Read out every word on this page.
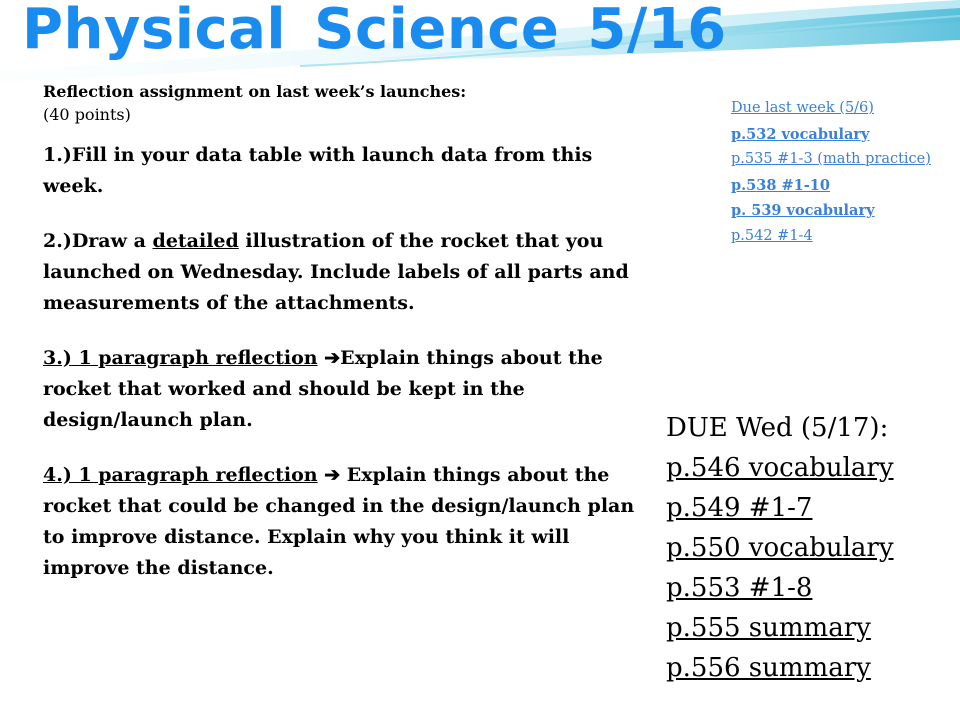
Physical Science 5/16
Reflection assignment on last week’s launches:
(40 points)
1.)Fill in your data table with launch data from this week.
2.)Draw a detailed illustration of the rocket that you launched on Wednesday. Include labels of all parts and measurements of the attachments.
3.) 1 paragraph reflection ➔Explain things about the rocket that worked and should be kept in the design/launch plan.
4.) 1 paragraph reflection ➔ Explain things about the rocket that could be changed in the design/launch plan to improve distance. Explain why you think it will improve the distance.
Due last week (5/6)
p.532 vocabulary
p.535 #1-3 (math practice)
p.538 #1-10
p. 539 vocabulary
p.542 #1-4
DUE Wed (5/17):
p.546 vocabulary
p.549 #1-7
p.550 vocabulary
p.553 #1-8
p.555 summary
p.556 summary
